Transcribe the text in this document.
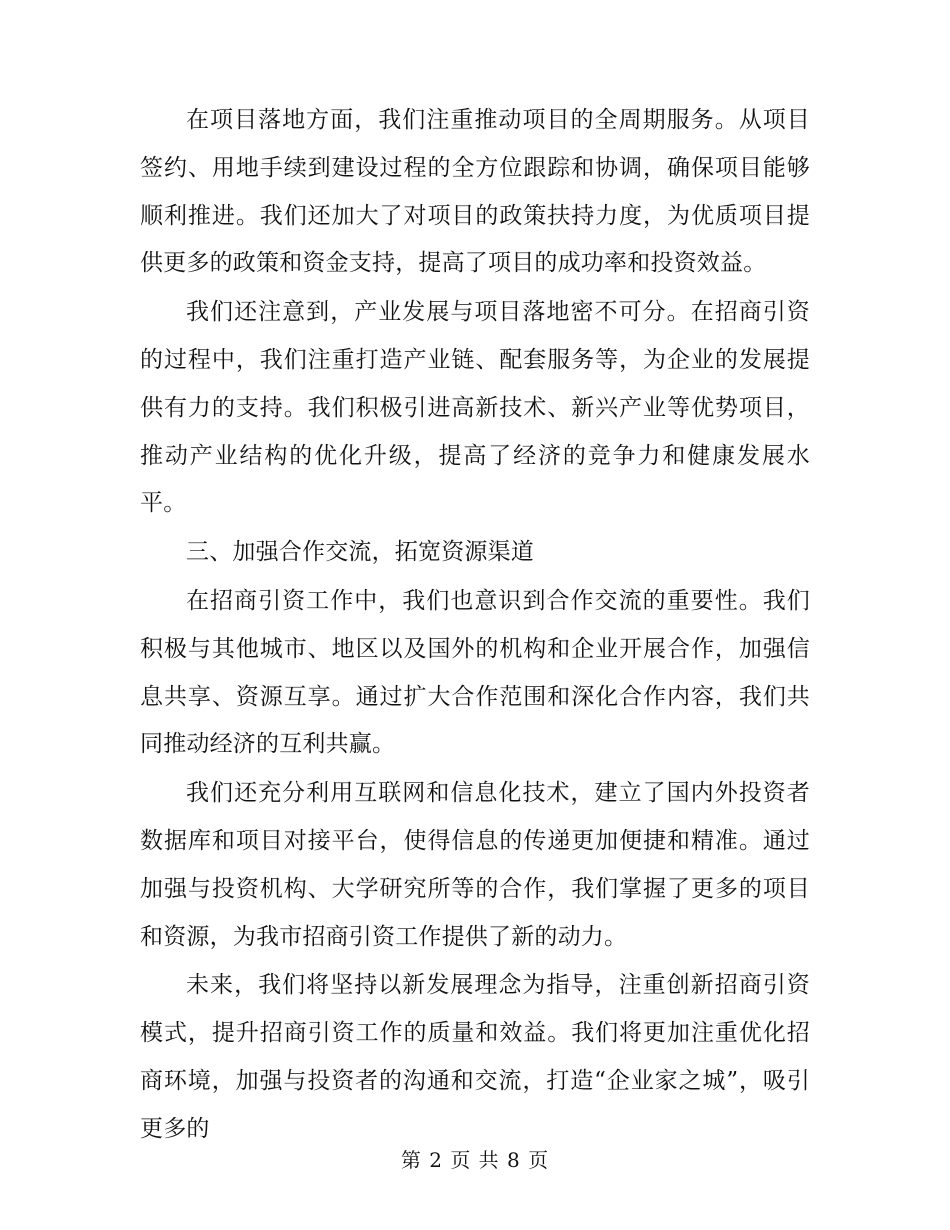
在项目落地方面，我们注重推动项目的全周期服务。从项目签约、用地手续到建设过程的全方位跟踪和协调，确保项目能够顺利推进。我们还加大了对项目的政策扶持力度，为优质项目提供更多的政策和资金支持，提高了项目的成功率和投资效益。

我们还注意到，产业发展与项目落地密不可分。在招商引资的过程中，我们注重打造产业链、配套服务等，为企业的发展提供有力的支持。我们积极引进高新技术、新兴产业等优势项目，推动产业结构的优化升级，提高了经济的竞争力和健康发展水平。

三、加强合作交流，拓宽资源渠道

在招商引资工作中，我们也意识到合作交流的重要性。我们积极与其他城市、地区以及国外的机构和企业开展合作，加强信息共享、资源互享。通过扩大合作范围和深化合作内容，我们共同推动经济的互利共赢。

我们还充分利用互联网和信息化技术，建立了国内外投资者数据库和项目对接平台，使得信息的传递更加便捷和精准。通过加强与投资机构、大学研究所等的合作，我们掌握了更多的项目和资源，为我市招商引资工作提供了新的动力。

未来，我们将坚持以新发展理念为指导，注重创新招商引资模式，提升招商引资工作的质量和效益。我们将更加注重优化招商环境，加强与投资者的沟通和交流，打造“企业家之城”，吸引更多的

第 2 页 共 8 页
